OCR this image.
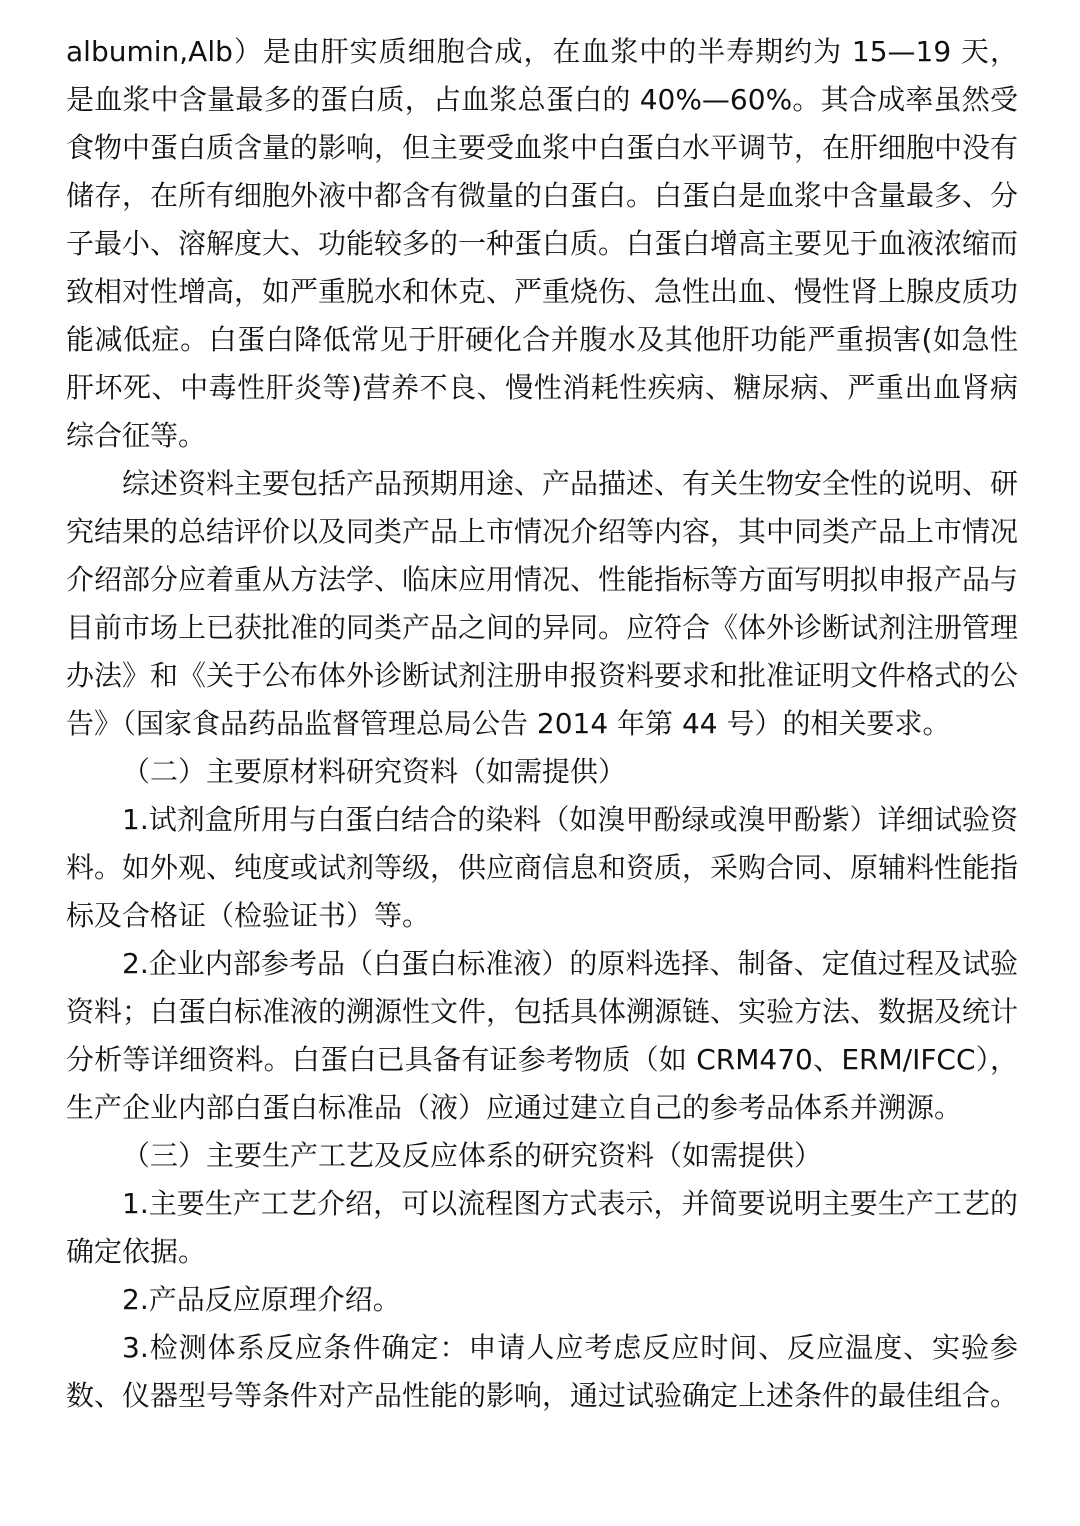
albumin,Alb）是由肝实质细胞合成，在血浆中的半寿期约为 15—19 天，是血浆中含量最多的蛋白质，占血浆总蛋白的 40%—60%。其合成率虽然受食物中蛋白质含量的影响，但主要受血浆中白蛋白水平调节，在肝细胞中没有储存，在所有细胞外液中都含有微量的白蛋白。白蛋白是血浆中含量最多、分子最小、溶解度大、功能较多的一种蛋白质。白蛋白增高主要见于血液浓缩而致相对性增高，如严重脱水和休克、严重烧伤、急性出血、慢性肾上腺皮质功能减低症。白蛋白降低常见于肝硬化合并腹水及其他肝功能严重损害(如急性肝坏死、中毒性肝炎等)营养不良、慢性消耗性疾病、糖尿病、严重出血肾病综合征等。

综述资料主要包括产品预期用途、产品描述、有关生物安全性的说明、研究结果的总结评价以及同类产品上市情况介绍等内容，其中同类产品上市情况介绍部分应着重从方法学、临床应用情况、性能指标等方面写明拟申报产品与目前市场上已获批准的同类产品之间的异同。应符合《体外诊断试剂注册管理办法》和《关于公布体外诊断试剂注册申报资料要求和批准证明文件格式的公告》（国家食品药品监督管理总局公告 2014 年第 44 号）的相关要求。

（二）主要原材料研究资料（如需提供）

1.试剂盒所用与白蛋白结合的染料（如溴甲酚绿或溴甲酚紫）详细试验资料。如外观、纯度或试剂等级，供应商信息和资质，采购合同、原辅料性能指标及合格证（检验证书）等。

2.企业内部参考品（白蛋白标准液）的原料选择、制备、定值过程及试验资料；白蛋白标准液的溯源性文件，包括具体溯源链、实验方法、数据及统计分析等详细资料。白蛋白已具备有证参考物质（如 CRM470、ERM/IFCC），生产企业内部白蛋白标准品（液）应通过建立自己的参考品体系并溯源。

（三）主要生产工艺及反应体系的研究资料（如需提供）

1.主要生产工艺介绍，可以流程图方式表示，并简要说明主要生产工艺的确定依据。

2.产品反应原理介绍。

3.检测体系反应条件确定：申请人应考虑反应时间、反应温度、实验参数、仪器型号等条件对产品性能的影响，通过试验确定上述条件的最佳组合。
